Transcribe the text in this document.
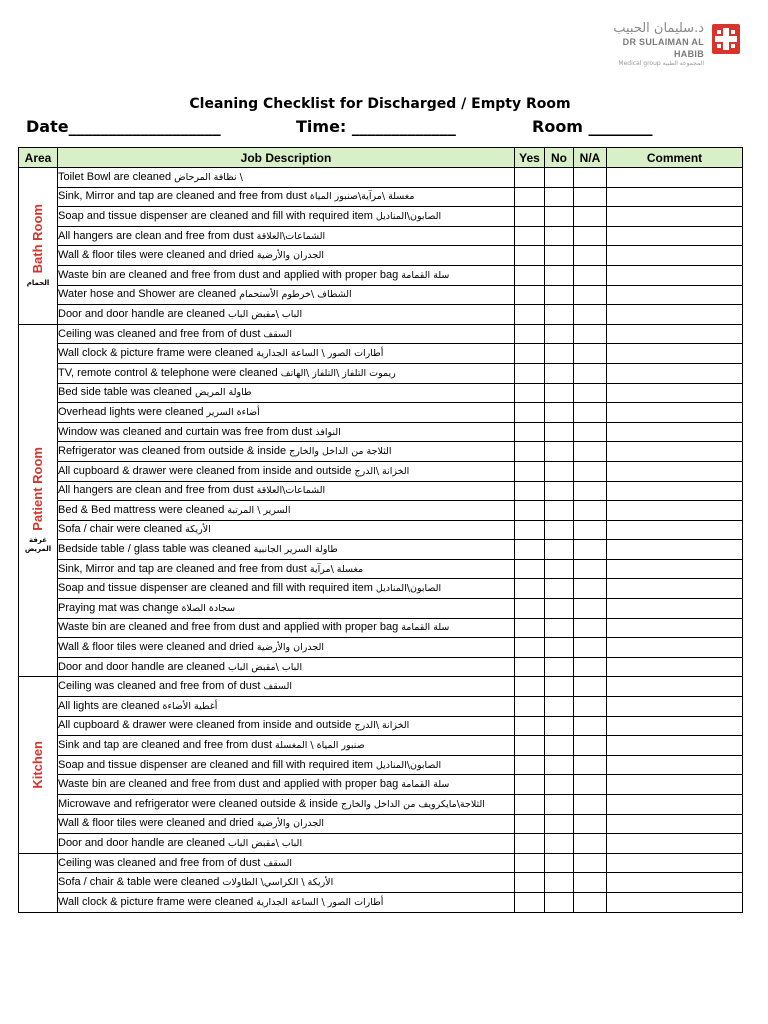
د.سليمان الحبيب
DR SULAIMAN AL HABIB
Medical group المجموعة الطبية
Cleaning Checklist for Discharged / Empty Room
Date___________________	Time: _____________	Room ________
Area	Job Description	Yes	No	N/A	Comment

Bath Room
الحمام	Toilet Bowl are cleaned نظافة المرحاض \				
	Sink, Mirror and tap are cleaned and free from dust مغسلة \مرآية\صنبور المياة				
	Soap and tissue dispenser are cleaned and fill with required item الصابون\المناديل				
	All hangers are clean and free from dust الشماعات\العلاقة				
	Wall & floor tiles were cleaned and dried الجدران والأرضية				
	Waste bin are cleaned and free from dust and applied with proper bag سلة القمامة				
	Water hose and Shower are cleaned الشطاف \خرطوم الأستحمام				
	Door and door handle are cleaned الباب \مقبض الباب				

Patient Room
غرفة المريض	Ceiling was cleaned and free from of dust السقف				
	Wall clock & picture frame were cleaned أطارات الصور \ الساعة الجدارية				
	TV, remote control & telephone were cleaned ريموت التلفاز \التلفاز \الهاتف				
	Bed side table was cleaned طاولة المريض				
	Overhead lights were cleaned أضاءة السرير				
	Window was cleaned and curtain was free from dust النوافذ				
	Refrigerator was cleaned from outside & inside الثلاجة من الداخل والخارج				
	All cupboard & drawer were cleaned from inside and outside الخزانة \الدرج				
	All hangers are clean and free from dust الشماعات\العلاقة				
	Bed & Bed mattress were cleaned السرير \ المرتبة				
	Sofa / chair were cleaned الأريكة				
	Bedside table / glass table was cleaned طاولة السرير الجانبية				
	Sink, Mirror and tap are cleaned and free from dust مغسلة \مرآية				
	Soap and tissue dispenser are cleaned and fill with required item الصابون\المناديل				
	Praying mat was change سجادة الصلاة				
	Waste bin are cleaned and free from dust and applied with proper bag سلة القمامة				
	Wall & floor tiles were cleaned and dried الجدران والأرضية				
	Door and door handle are cleaned الباب \مقبض الباب				

Kitchen	Ceiling was cleaned and free from of dust السقف				
	All lights are cleaned أغطية الأضاءة				
	All cupboard & drawer were cleaned from inside and outside الخزانة \الدرج				
	Sink and tap are cleaned and free from dust صنبور المياة \ المغسلة				
	Soap and tissue dispenser are cleaned and fill with required item الصابون\المناديل				
	Waste bin are cleaned and free from dust and applied with proper bag سلة القمامة				
	Microwave and refrigerator were cleaned outside & inside الثلاجة\مايكرويف من الداخل والخارج				
	Wall & floor tiles were cleaned and dried الجدران والأرضية				
	Door and door handle are cleaned الباب \مقبض الباب				

	Ceiling was cleaned and free from of dust السقف				
	Sofa / chair & table were cleaned الأريكة \ الكراسي\ الطاولات				
	Wall clock & picture frame were cleaned أطارات الصور \ الساعة الجدارية				
